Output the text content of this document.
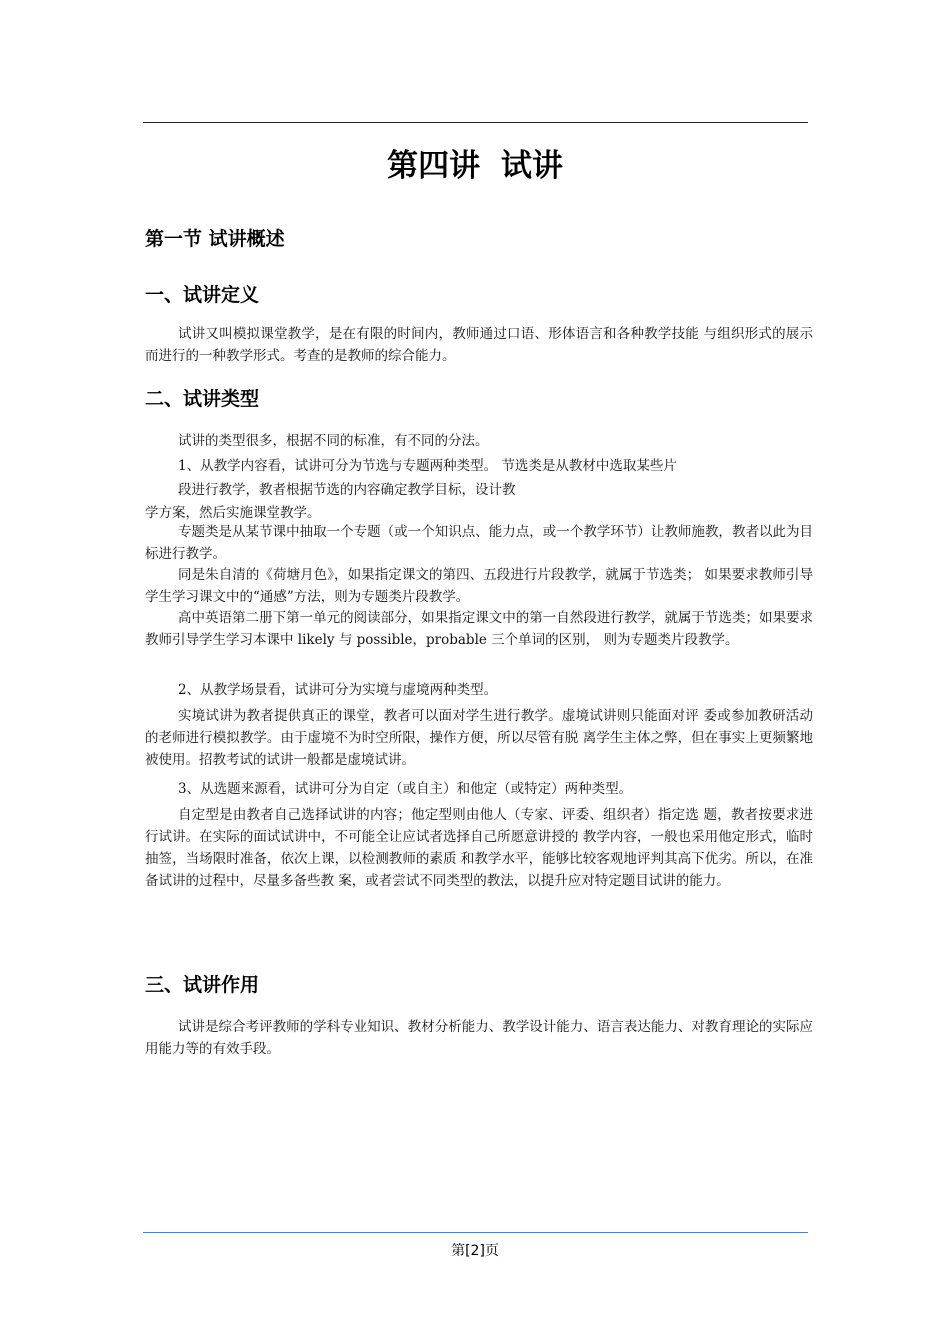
第四讲 试讲
第一节 试讲概述
一、试讲定义

试讲又叫模拟课堂教学，是在有限的时间内，教师通过口语、形体语言和各种教学技能 与组织形式的展示而进行的一种教学形式。考查的是教师的综合能力。

二、试讲类型

试讲的类型很多，根据不同的标准，有不同的分法。

1、从教学内容看，试讲可分为节选与专题两种类型。 节选类是从教材中选取某些片

段进行教学，教者根据节选的内容确定教学目标，设计教

学方案，然后实施课堂教学。

专题类是从某节课中抽取一个专题（或一个知识点、能力点，或一个教学环节）让教师施教，教者以此为目标进行教学。

同是朱自清的《荷塘月色》，如果指定课文的第四、五段进行片段教学，就属于节选类； 如果要求教师引导学生学习课文中的“通感”方法，则为专题类片段教学。

高中英语第二册下第一单元的阅读部分，如果指定课文中的第一自然段进行教学，就属于节选类；如果要求教师引导学生学习本课中 likely 与 possible，probable 三个单词的区别， 则为专题类片段教学。

2、从教学场景看，试讲可分为实境与虚境两种类型。

实境试讲为教者提供真正的课堂，教者可以面对学生进行教学。虚境试讲则只能面对评 委或参加教研活动的老师进行模拟教学。由于虚境不为时空所限，操作方便，所以尽管有脱 离学生主体之弊，但在事实上更频繁地被使用。招教考试的试讲一般都是虚境试讲。

3、从选题来源看，试讲可分为自定（或自主）和他定（或特定）两种类型。

自定型是由教者自己选择试讲的内容；他定型则由他人（专家、评委、组织者）指定选 题，教者按要求进行试讲。在实际的面试试讲中，不可能全让应试者选择自己所愿意讲授的 教学内容，一般也采用他定形式，临时抽签，当场限时准备，依次上课，以检测教师的素质 和教学水平，能够比较客观地评判其高下优劣。所以，在准备试讲的过程中，尽量多备些教 案，或者尝试不同类型的教法，以提升应对特定题目试讲的能力。

三、试讲作用

试讲是综合考评教师的学科专业知识、教材分析能力、教学设计能力、语言表达能力、对教育理论的实际应用能力等的有效手段。

第[2]页
